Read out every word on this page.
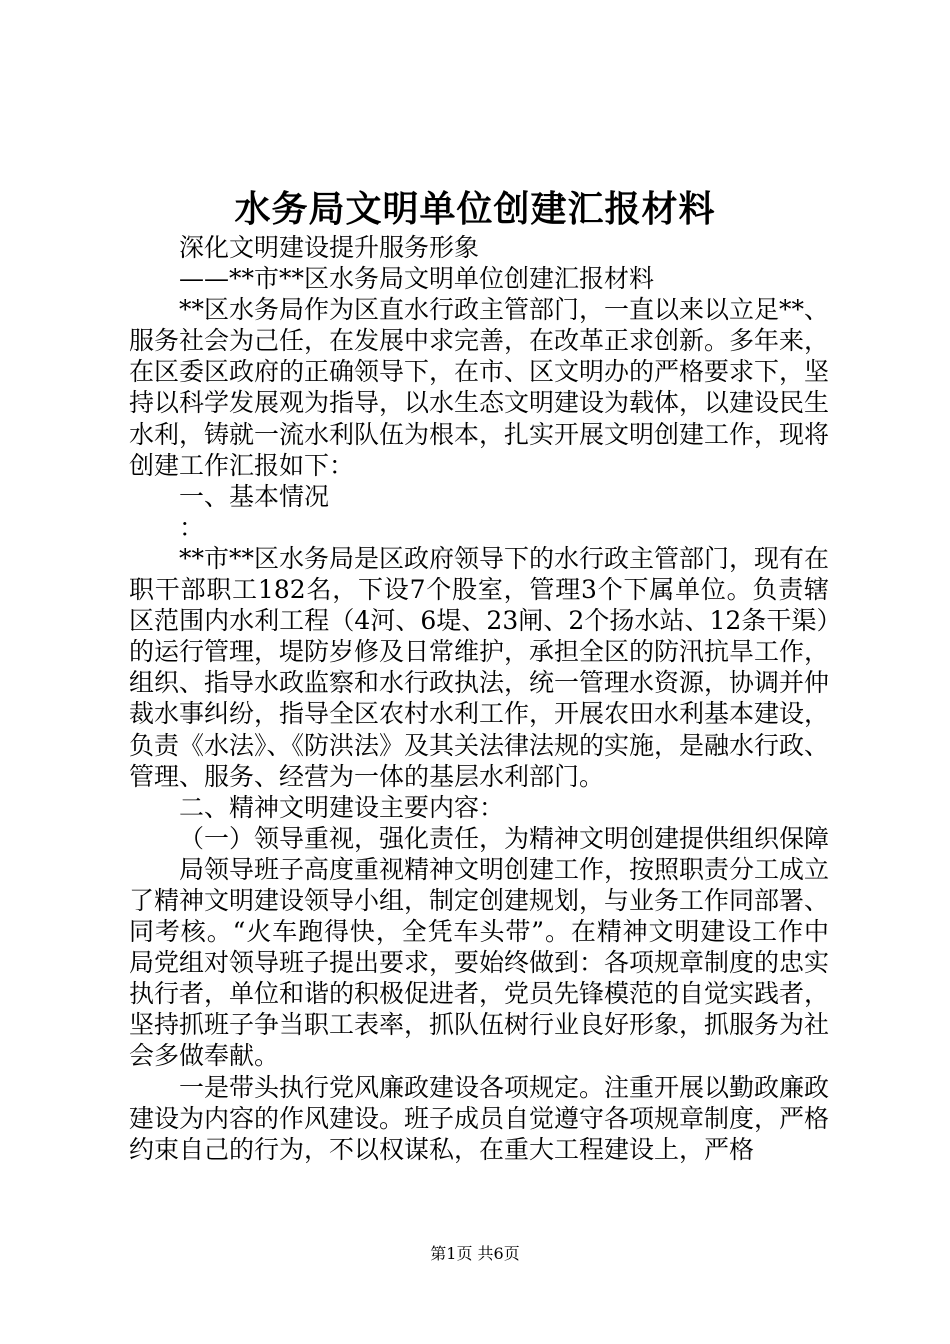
水务局文明单位创建汇报材料

深化文明建设提升服务形象

——**市**区水务局文明单位创建汇报材料

**区水务局作为区直水行政主管部门，一直以来以立足**、服务社会为己任，在发展中求完善，在改革正求创新。多年来，在区委区政府的正确领导下，在市、区文明办的严格要求下，坚持以科学发展观为指导，以水生态文明建设为载体，以建设民生水利，铸就一流水利队伍为根本，扎实开展文明创建工作，现将创建工作汇报如下：

一、基本情况

：

**市**区水务局是区政府领导下的水行政主管部门，现有在职干部职工182名，下设7个股室，管理3个下属单位。负责辖区范围内水利工程（4河、6堤、23闸、2个扬水站、12条干渠）的运行管理，堤防岁修及日常维护，承担全区的防汛抗旱工作，组织、指导水政监察和水行政执法，统一管理水资源，协调并仲裁水事纠纷，指导全区农村水利工作，开展农田水利基本建设，负责《水法》、《防洪法》及其关法律法规的实施，是融水行政、管理、服务、经营为一体的基层水利部门。

二、精神文明建设主要内容：

（一）领导重视，强化责任，为精神文明创建提供组织保障

局领导班子高度重视精神文明创建工作，按照职责分工成立了精神文明建设领导小组，制定创建规划，与业务工作同部署、同考核。“火车跑得快，全凭车头带”。在精神文明建设工作中局党组对领导班子提出要求，要始终做到：各项规章制度的忠实执行者，单位和谐的积极促进者，党员先锋模范的自觉实践者，坚持抓班子争当职工表率，抓队伍树行业良好形象，抓服务为社会多做奉献。

一是带头执行党风廉政建设各项规定。注重开展以勤政廉政建设为内容的作风建设。班子成员自觉遵守各项规章制度，严格约束自己的行为，不以权谋私，在重大工程建设上，严格

第1页 共6页
